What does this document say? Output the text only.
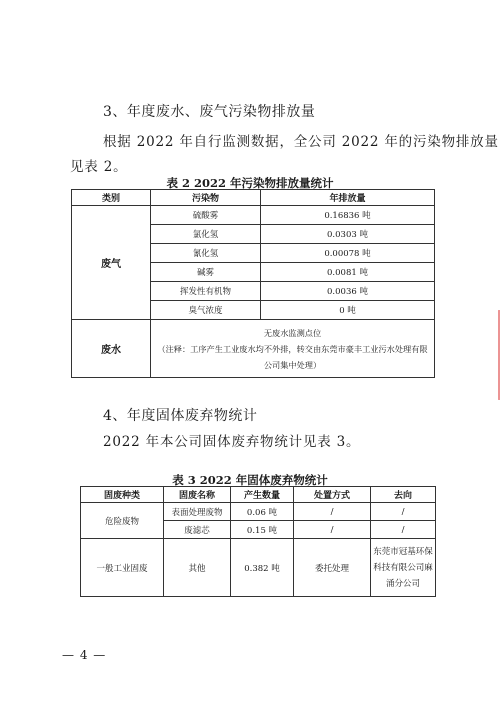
3、年度废水、废气污染物排放量
根据 2022 年自行监测数据，全公司 2022 年的污染物排放量
见表 2。
表 2 2022 年污染物排放量统计
类别	污染物	年排放量
废气	硫酸雾	0.16836 吨
	氯化氢	0.0303 吨
	氰化氢	0.00078 吨
	碱雾	0.0081 吨
	挥发性有机物	0.0036 吨
	臭气浓度	0 吨
废水	无废水监测点位
（注释：工序产生工业废水均不外排，转交由东莞市豪丰工业污水处理有限
公司集中处理）	
4、年度固体废弃物统计
2022 年本公司固体废弃物统计见表 3。
表 3 2022 年固体废弃物统计
固废种类	固废名称	产生数量	处置方式	去向
危险废物	表面处理废物	0.06 吨	/	/
	废滤芯	0.15 吨	/	/
一般工业固废	其他	0.382 吨	委托处理	东莞市冠基环保
科技有限公司麻
涌分公司
— 4 —
